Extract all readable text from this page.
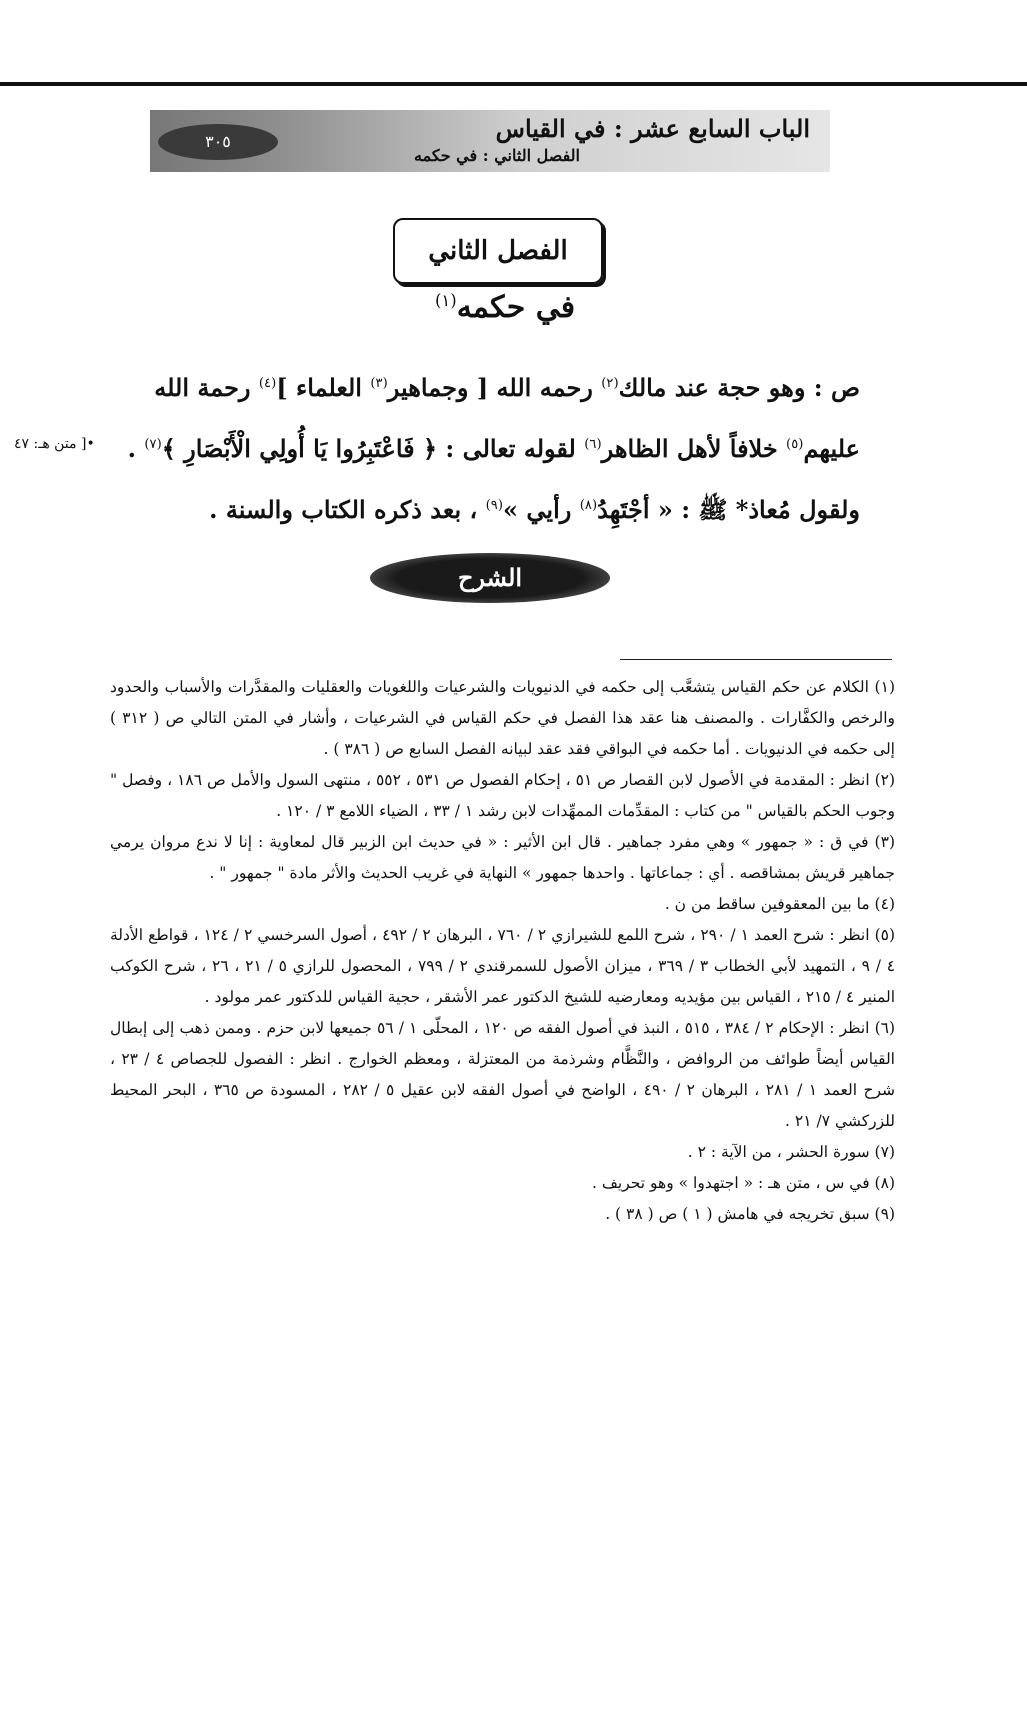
الباب السابع عشر : في القياس
الفصل الثاني : في حكمه
٣٠٥
الفصل الثاني
في حكمه$^{(١)}$
ص : وهو حجة عند مالك$^{(٢)}$ رحمه الله [ وجماهير$^{(٣)}$ العلماء ]$^{(٤)}$ رحمة الله
عليهم$^{(٥)}$ خلافاً لأهل الظاهر$^{(٦)}$ لقوله تعالى : ﴿ فَاعْتَبِرُوا يَا أُولِي الْأَبْصَارِ ﴾$^{(٧)}$ .
ولقول مُعاذ* ﷺ : « أجْتَهِدُ$^{(٨)}$ رأيي »$^{(٩)}$ ، بعد ذكره الكتاب والسنة .
•[ متن هـ: ٤٧
الشرح

(١) الكلام عن حكم القياس يتشعَّب إلى حكمه في الدنيويات والشرعيات واللغويات والعقليات والمقدَّرات والأسباب والحدود والرخص والكفَّارات . والمصنف هنا عقد هذا الفصل في حكم القياس في الشرعيات ، وأشار في المتن التالي ص ( ٣١٢ ) إلى حكمه في الدنيويات . أما حكمه في البواقي فقد عقد لبيانه الفصل السابع ص ( ٣٨٦ ) .

(٢) انظر : المقدمة في الأصول لابن القصار ص ٥١ ، إحكام الفصول ص ٥٣١ ، ٥٥٢ ، منتهى السول والأمل ص ١٨٦ ، وفصل " وجوب الحكم بالقياس " من كتاب : المقدِّمات الممهِّدات لابن رشد ١ / ٣٣ ، الضياء اللامع ٣ / ١٢٠ .

(٣) في ق : « جمهور » وهي مفرد جماهير . قال ابن الأثير : « في حديث ابن الزبير قال لمعاوية : إنا لا ندع مروان يرمي جماهير قريش بمشاقصه . أي : جماعاتها . واحدها جمهور » النهاية في غريب الحديث والأثر مادة " جمهور " .

(٤) ما بين المعقوفين ساقط من ن .

(٥) انظر : شرح العمد ١ / ٢٩٠ ، شرح اللمع للشيرازي ٢ / ٧٦٠ ، البرهان ٢ / ٤٩٢ ، أصول السرخسي ٢ / ١٢٤ ، قواطع الأدلة ٤ / ٩ ، التمهيد لأبي الخطاب ٣ / ٣٦٩ ، ميزان الأصول للسمرقندي ٢ / ٧٩٩ ، المحصول للرازي ٥ / ٢١ ، ٢٦ ، شرح الكوكب المنير ٤ / ٢١٥ ، القياس بين مؤيديه ومعارضيه للشيخ الدكتور عمر الأشقر ، حجية القياس للدكتور عمر مولود .

(٦) انظر : الإحكام ٢ / ٣٨٤ ، ٥١٥ ، النبذ في أصول الفقه ص ١٢٠ ، المحلّى ١ / ٥٦ جميعها لابن حزم . وممن ذهب إلى إبطال القياس أيضاً طوائف من الروافض ، والنَّظَّام وشرذمة من المعتزلة ، ومعظم الخوارج . انظر : الفصول للجصاص ٤ / ٢٣ ، شرح العمد ١ / ٢٨١ ، البرهان ٢ / ٤٩٠ ، الواضح في أصول الفقه لابن عقيل ٥ / ٢٨٢ ، المسودة ص ٣٦٥ ، البحر المحيط للزركشي ٧/ ٢١ .

(٧) سورة الحشر ، من الآية : ٢ .

(٨) في س ، متن هـ : « اجتهدوا » وهو تحريف .

(٩) سبق تخريجه في هامش ( ١ ) ص ( ٣٨ ) .
